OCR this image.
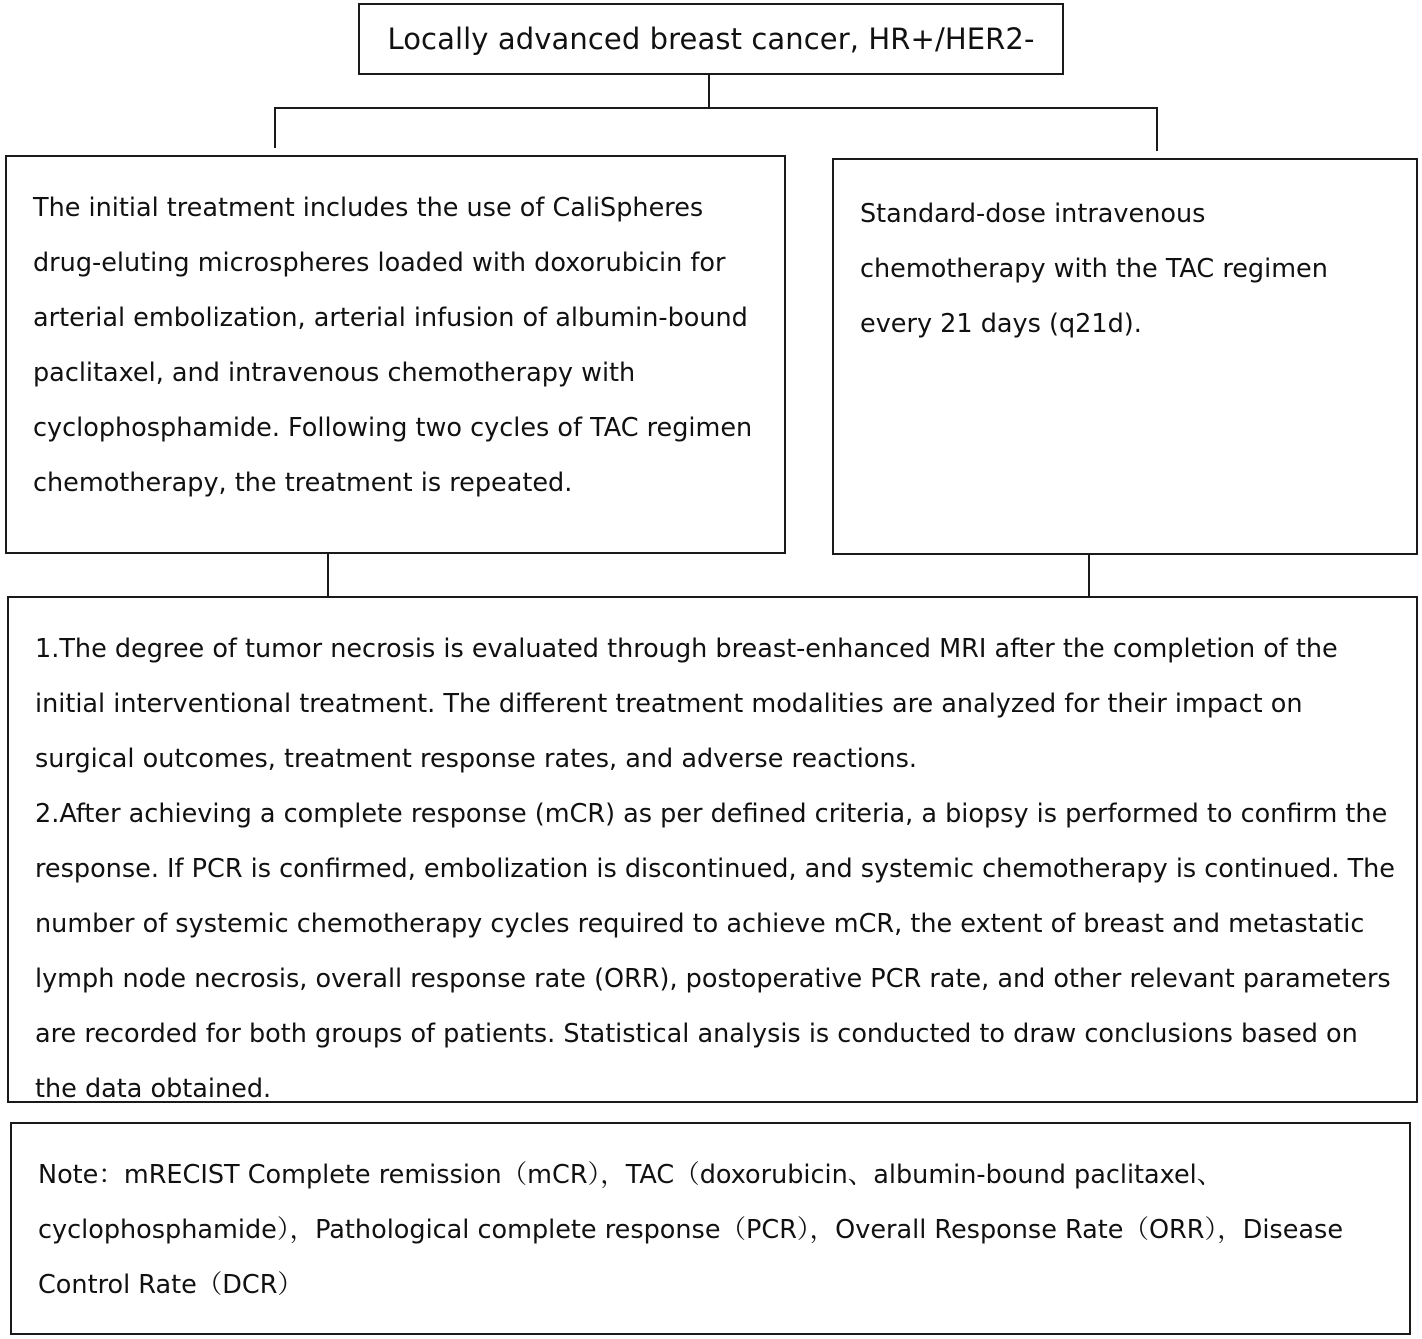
Locally advanced breast cancer, HR+/HER2-

The initial treatment includes the use of CaliSpheres
drug-eluting microspheres loaded with doxorubicin for
arterial embolization, arterial infusion of albumin-bound
paclitaxel, and intravenous chemotherapy with
cyclophosphamide. Following two cycles of TAC regimen
chemotherapy, the treatment is repeated.

Standard-dose intravenous
chemotherapy with the TAC regimen
every 21 days (q21d).

1.The degree of tumor necrosis is evaluated through breast-enhanced MRI after the completion of the
initial interventional treatment. The different treatment modalities are analyzed for their impact on
surgical outcomes, treatment response rates, and adverse reactions.
2.After achieving a complete response (mCR) as per defined criteria, a biopsy is performed to confirm the
response. If PCR is confirmed, embolization is discontinued, and systemic chemotherapy is continued. The
number of systemic chemotherapy cycles required to achieve mCR, the extent of breast and metastatic
lymph node necrosis, overall response rate (ORR), postoperative PCR rate, and other relevant parameters
are recorded for both groups of patients. Statistical analysis is conducted to draw conclusions based on
the data obtained.

Note：mRECIST Complete remission（mCR），TAC（doxorubicin、albumin-bound paclitaxel、
cyclophosphamide），Pathological complete response（PCR），Overall Response Rate（ORR），Disease
Control Rate（DCR）
